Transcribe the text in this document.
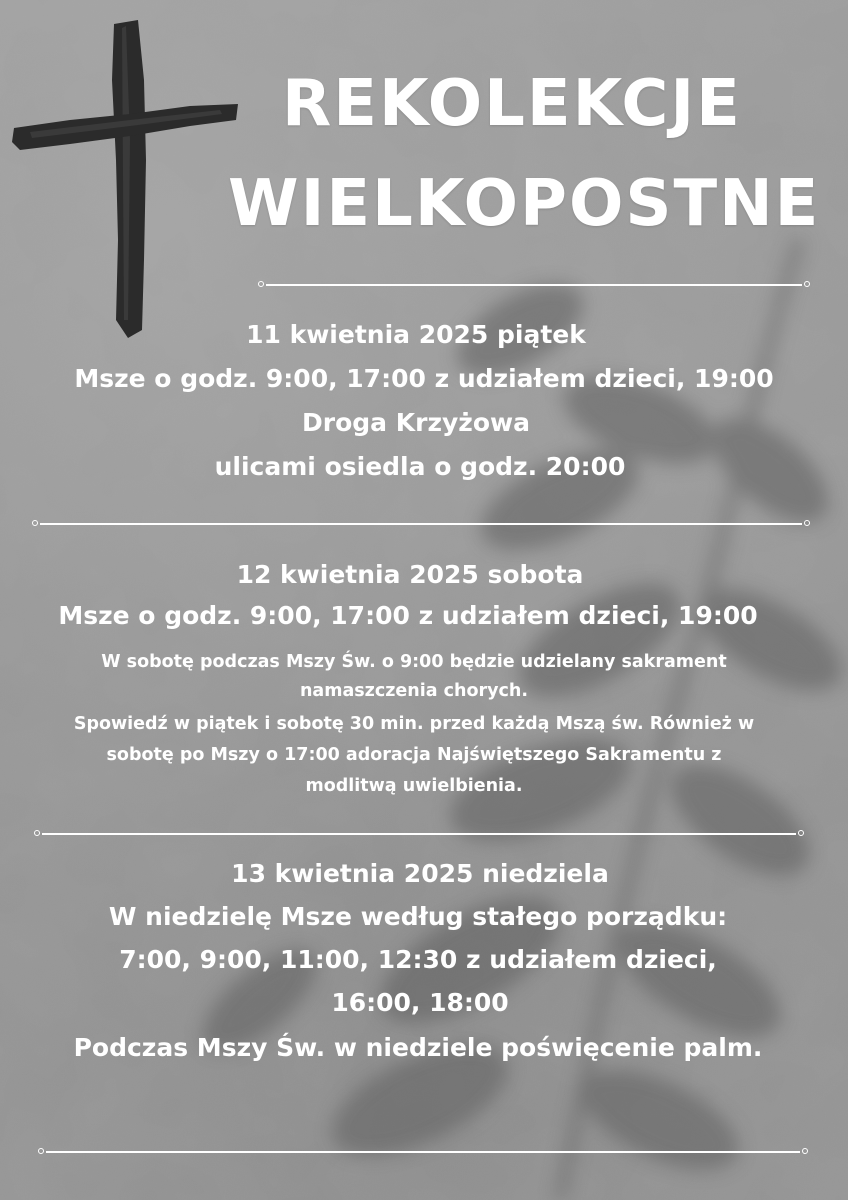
REKOLEKCJE
WIELKOPOSTNE
11 kwietnia 2025 piątek
Msze o godz. 9:00, 17:00 z udziałem dzieci, 19:00
Droga Krzyżowa
ulicami osiedla o godz. 20:00
12 kwietnia 2025 sobota
Msze o godz. 9:00, 17:00 z udziałem dzieci, 19:00
W sobotę podczas Mszy Św. o 9:00 będzie udzielany sakrament
namaszczenia chorych.
Spowiedź w piątek i sobotę 30 min. przed każdą Mszą św. Również w
sobotę po Mszy o 17:00 adoracja Najświętszego Sakramentu z
modlitwą uwielbienia.
13 kwietnia 2025 niedziela
W niedzielę Msze według stałego porządku:
7:00, 9:00, 11:00, 12:30 z udziałem dzieci,
16:00, 18:00
Podczas Mszy Św. w niedziele poświęcenie palm.
